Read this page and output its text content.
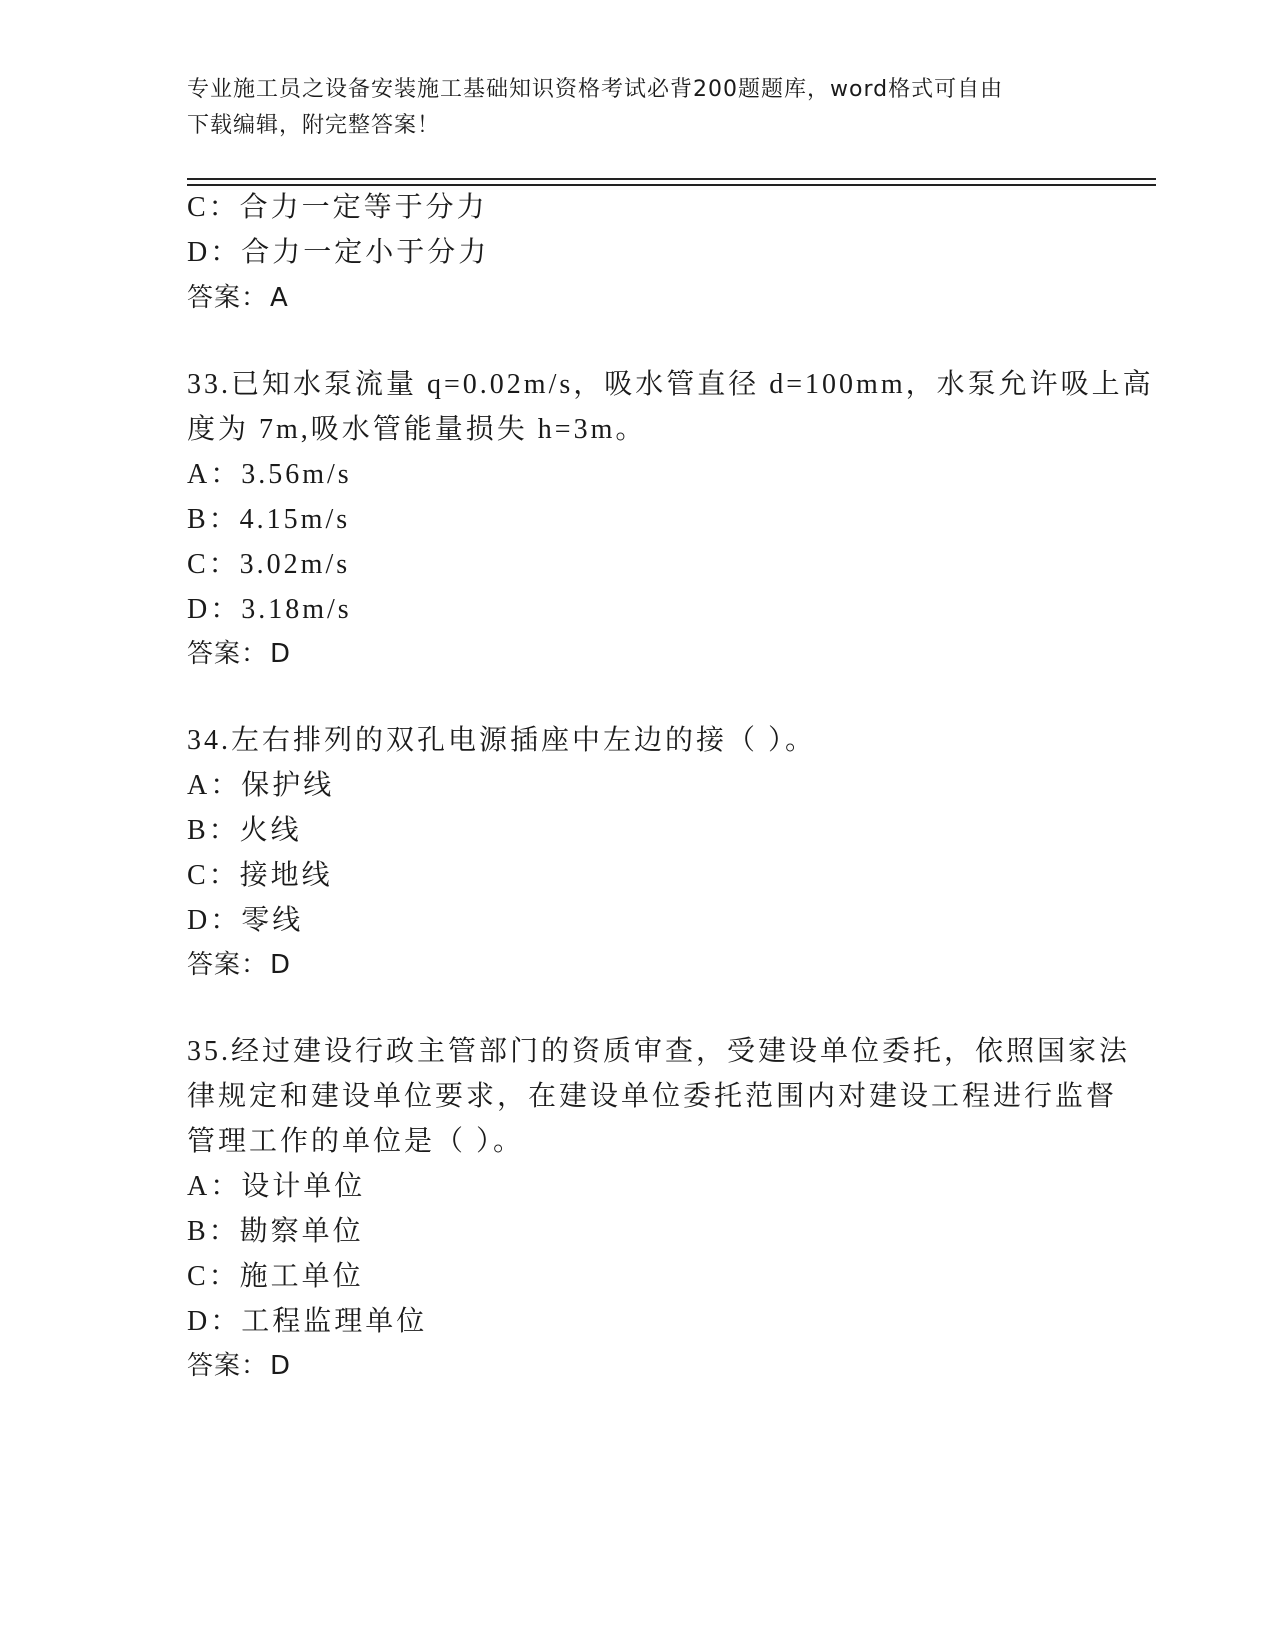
专业施工员之设备安装施工基础知识资格考试必背200题题库，word格式可自由
下载编辑，附完整答案！
C：合力一定等于分力
D：合力一定小于分力
答案：A
33.已知水泵流量 q=0.02m/s，吸水管直径 d=100mm，水泵允许吸上高
度为 7m,吸水管能量损失 h=3m。
A：3.56m/s
B：4.15m/s
C：3.02m/s
D：3.18m/s
答案：D
34.左右排列的双孔电源插座中左边的接（ ）。
A：保护线
B：火线
C：接地线
D：零线
答案：D
35.经过建设行政主管部门的资质审查，受建设单位委托，依照国家法
律规定和建设单位要求，在建设单位委托范围内对建设工程进行监督
管理工作的单位是（ ）。
A：设计单位
B：勘察单位
C：施工单位
D：工程监理单位
答案：D
